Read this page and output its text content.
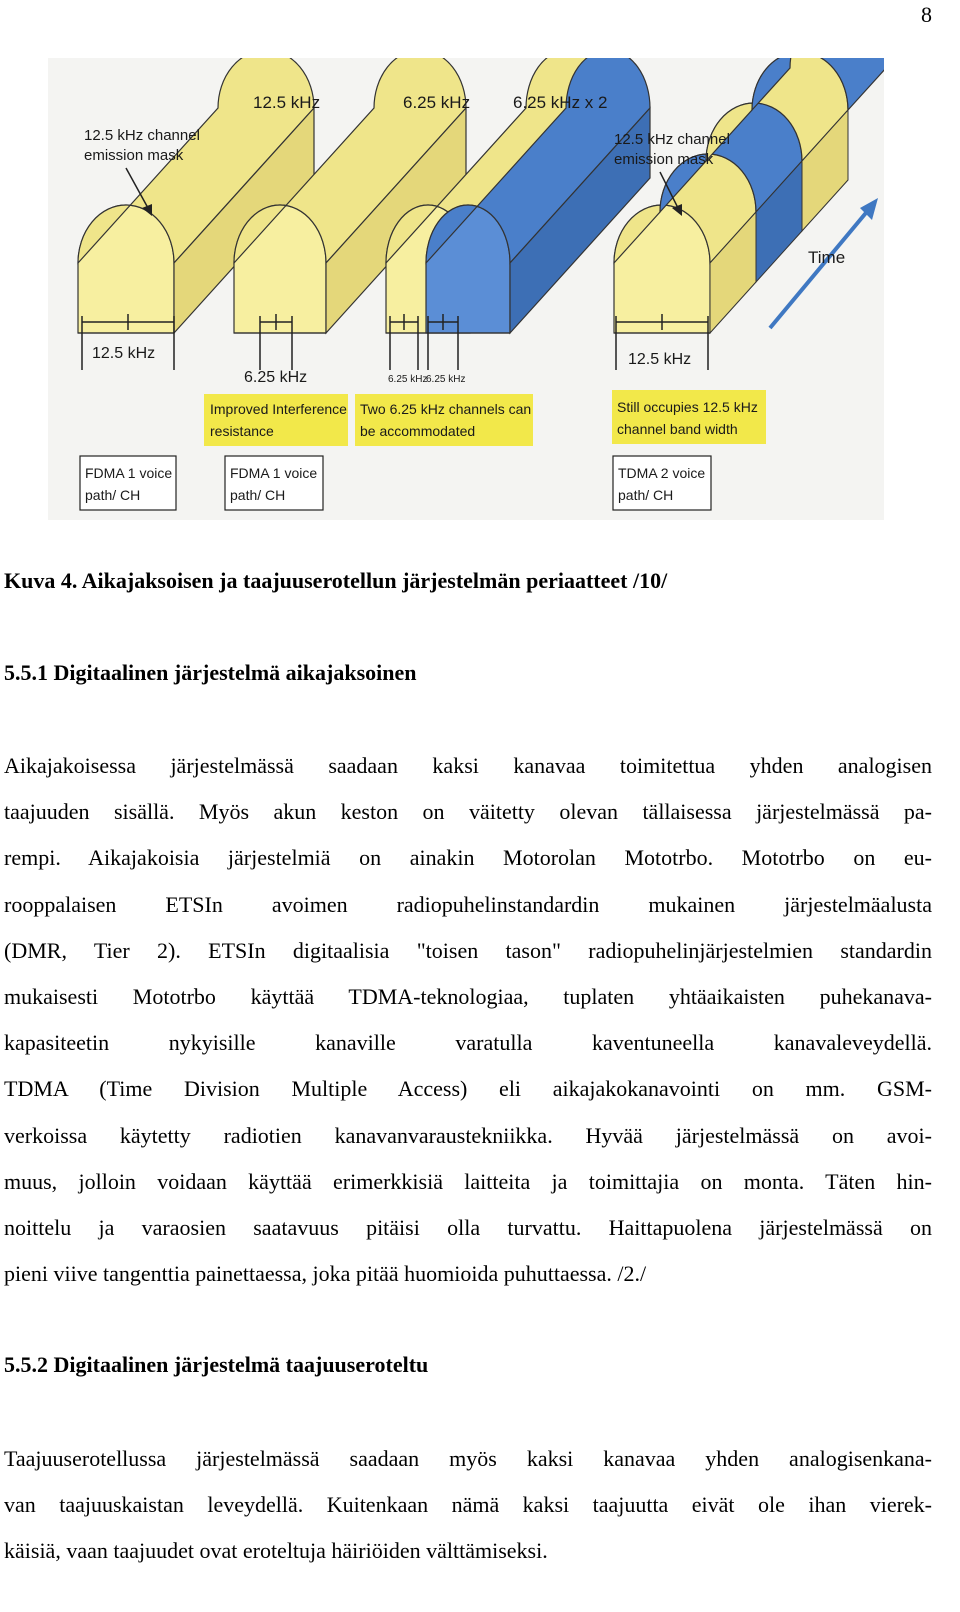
8
Time
12.5 kHz	6.25 kHz	6.25 kHz x 2
12.5 kHz channel
emission mask
12.5 kHz channel
emission mask
12.5 kHz
6.25 kHz	6.25 kHz
6.25 kHz
12.5 kHz
Improved Interference
resistance
Two 6.25 kHz channels can
be accommodated
Still occupies 12.5 kHz
channel band width
FDMA 1 voice
path/ CH
FDMA 1 voice
path/ CH
TDMA 2 voice
path/ CH

Kuva 4. Aikajaksoisen ja taajuuserotellun järjestelmän periaatteet /10/

5.5.1 Digitaalinen järjestelmä aikajaksoinen
Aikajakoisessa järjestelmässä saadaan kaksi kanavaa toimitettua yhden analogisen
taajuuden sisällä. Myös akun keston on väitetty olevan tällaisessa järjestelmässä pa-
rempi. Aikajakoisia järjestelmiä on ainakin Motorolan Mototrbo. Mototrbo on eu-
rooppalaisen ETSIn avoimen radiopuhelinstandardin mukainen järjestelmäalusta
(DMR, Tier 2). ETSIn digitaalisia "toisen tason" radiopuhelinjärjestelmien standardin
mukaisesti Mototrbo käyttää TDMA-teknologiaa, tuplaten yhtäaikaisten puhekanava-
kapasiteetin nykyisille kanaville varatulla kaventuneella kanavaleveydellä.
TDMA (Time Division Multiple Access) eli aikajakokanavointi on mm. GSM-
verkoissa käytetty radiotien kanavanvaraustekniikka. Hyvää järjestelmässä on avoi-
muus, jolloin voidaan käyttää erimerkkisiä laitteita ja toimittajia on monta. Täten hin-
noittelu ja varaosien saatavuus pitäisi olla turvattu. Haittapuolena järjestelmässä on
pieni viive tangenttia painettaessa, joka pitää huomioida puhuttaessa. /2./
5.5.2 Digitaalinen järjestelmä taajuuseroteltu
Taajuuserotellussa järjestelmässä saadaan myös kaksi kanavaa yhden analogisenkana-
van taajuuskaistan leveydellä. Kuitenkaan nämä kaksi taajuutta eivät ole ihan vierek-
käisiä, vaan taajuudet ovat eroteltuja häiriöiden välttämiseksi.
